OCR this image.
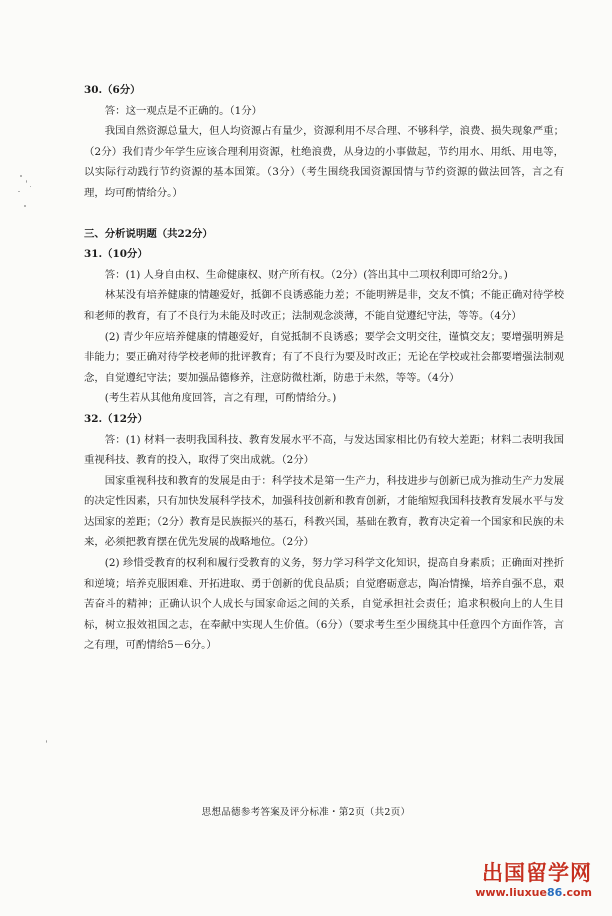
30.（6分）

答：这一观点是不正确的。（1分）

我国自然资源总量大，但人均资源占有量少，资源利用不尽合理、不够科学，浪费、损失现象严重；（2分）我们青少年学生应该合理利用资源，杜绝浪费，从身边的小事做起，节约用水、用纸、用电等，以实际行动践行节约资源的基本国策。（3分）（考生围绕我国资源国情与节约资源的做法回答，言之有理，均可酌情给分。）

三、分析说明题（共22分）

31.（10分）

答：(1) 人身自由权、生命健康权、财产所有权。（2分）(答出其中二项权利即可给2分。)

林某没有培养健康的情趣爱好，抵御不良诱惑能力差；不能明辨是非，交友不慎；不能正确对待学校和老师的教育，有了不良行为未能及时改正；法制观念淡薄，不能自觉遵纪守法，等等。（4分）

(2) 青少年应培养健康的情趣爱好，自觉抵制不良诱惑；要学会文明交往，谨慎交友；要增强明辨是非能力；要正确对待学校老师的批评教育；有了不良行为要及时改正；无论在学校或社会都要增强法制观念，自觉遵纪守法；要加强品德修养，注意防微杜渐，防患于未然，等等。（4分）

(考生若从其他角度回答，言之有理，可酌情给分。)

32.（12分）

答：(1) 材料一表明我国科技、教育发展水平不高，与发达国家相比仍有较大差距；材料二表明我国重视科技、教育的投入，取得了突出成就。（2分）

国家重视科技和教育的发展是由于：科学技术是第一生产力，科技进步与创新已成为推动生产力发展的决定性因素，只有加快发展科学技术，加强科技创新和教育创新，才能缩短我国科技教育发展水平与发达国家的差距；（2分）教育是民族振兴的基石，科教兴国，基础在教育，教育决定着一个国家和民族的未来，必须把教育摆在优先发展的战略地位。（2分）

(2) 珍惜受教育的权利和履行受教育的义务，努力学习科学文化知识，提高自身素质；正确面对挫折和逆境；培养克服困难、开拓进取、勇于创新的优良品质；自觉磨砺意志，陶冶情操，培养自强不息，艰苦奋斗的精神；正确认识个人成长与国家命运之间的关系，自觉承担社会责任；追求积极向上的人生目标，树立报效祖国之志，在奉献中实现人生价值。（6分）（要求考生至少围绕其中任意四个方面作答，言之有理，可酌情给5－6分。）

思想品德参考答案及评分标准・第2页（共2页）
出国留学网
www.liuxue86.com
